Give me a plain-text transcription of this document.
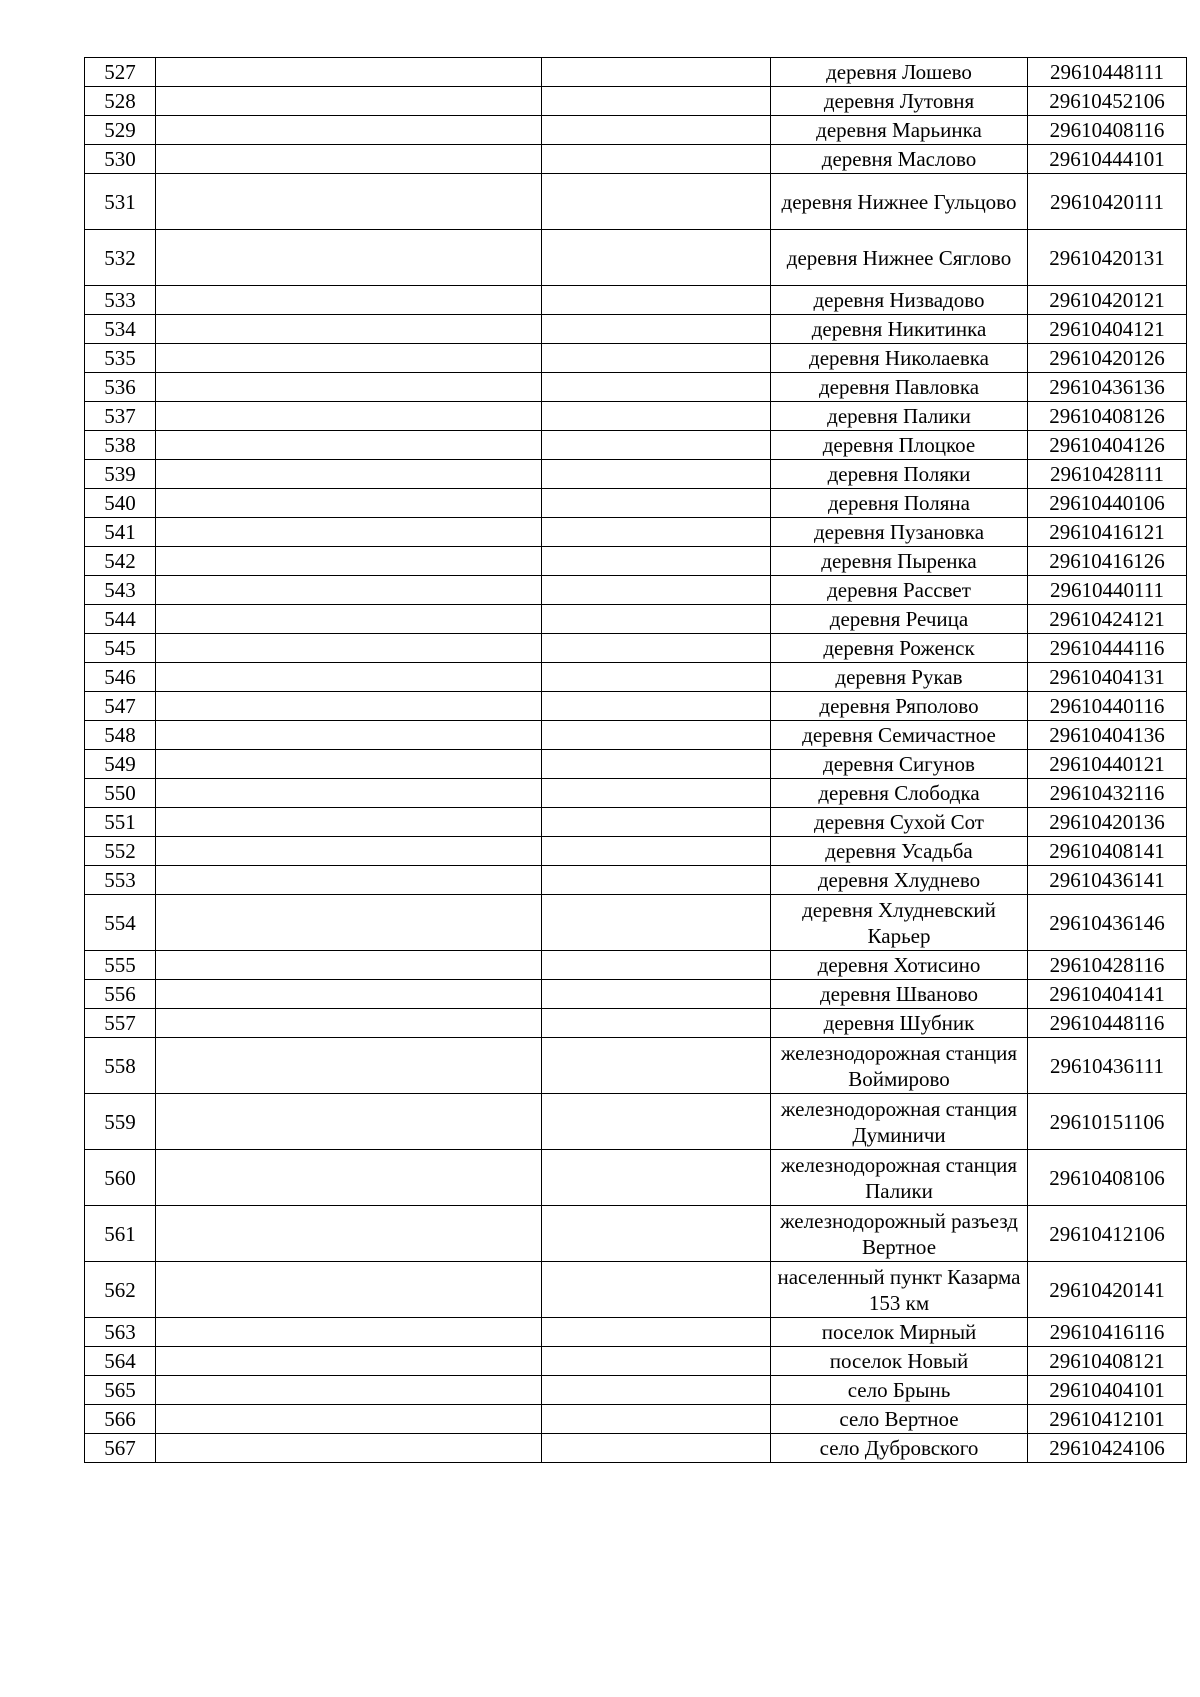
527			деревня Лошево	29610448111
528			деревня Лутовня	29610452106
529			деревня Марьинка	29610408116
530			деревня Маслово	29610444101
531			деревня Нижнее Гульцово	29610420111
532			деревня Нижнее Сяглово	29610420131
533			деревня Низвадово	29610420121
534			деревня Никитинка	29610404121
535			деревня Николаевка	29610420126
536			деревня Павловка	29610436136
537			деревня Палики	29610408126
538			деревня Плоцкое	29610404126
539			деревня Поляки	29610428111
540			деревня Поляна	29610440106
541			деревня Пузановка	29610416121
542			деревня Пыренка	29610416126
543			деревня Рассвет	29610440111
544			деревня Речица	29610424121
545			деревня Роженск	29610444116
546			деревня Рукав	29610404131
547			деревня Ряполово	29610440116
548			деревня Семичастное	29610404136
549			деревня Сигунов	29610440121
550			деревня Слободка	29610432116
551			деревня Сухой Сот	29610420136
552			деревня Усадьба	29610408141
553			деревня Хлуднево	29610436141
554			деревня Хлудневский Карьер	29610436146
555			деревня Хотисино	29610428116
556			деревня Шваново	29610404141
557			деревня Шубник	29610448116
558			железнодорожная станция Воймирово	29610436111
559			железнодорожная станция Думиничи	29610151106
560			железнодорожная станция Палики	29610408106
561			железнодорожный разъезд Вертное	29610412106
562			населенный пункт Казарма 153 км	29610420141
563			поселок Мирный	29610416116
564			поселок Новый	29610408121
565			село Брынь	29610404101
566			село Вертное	29610412101
567			село Дубровского	29610424106
